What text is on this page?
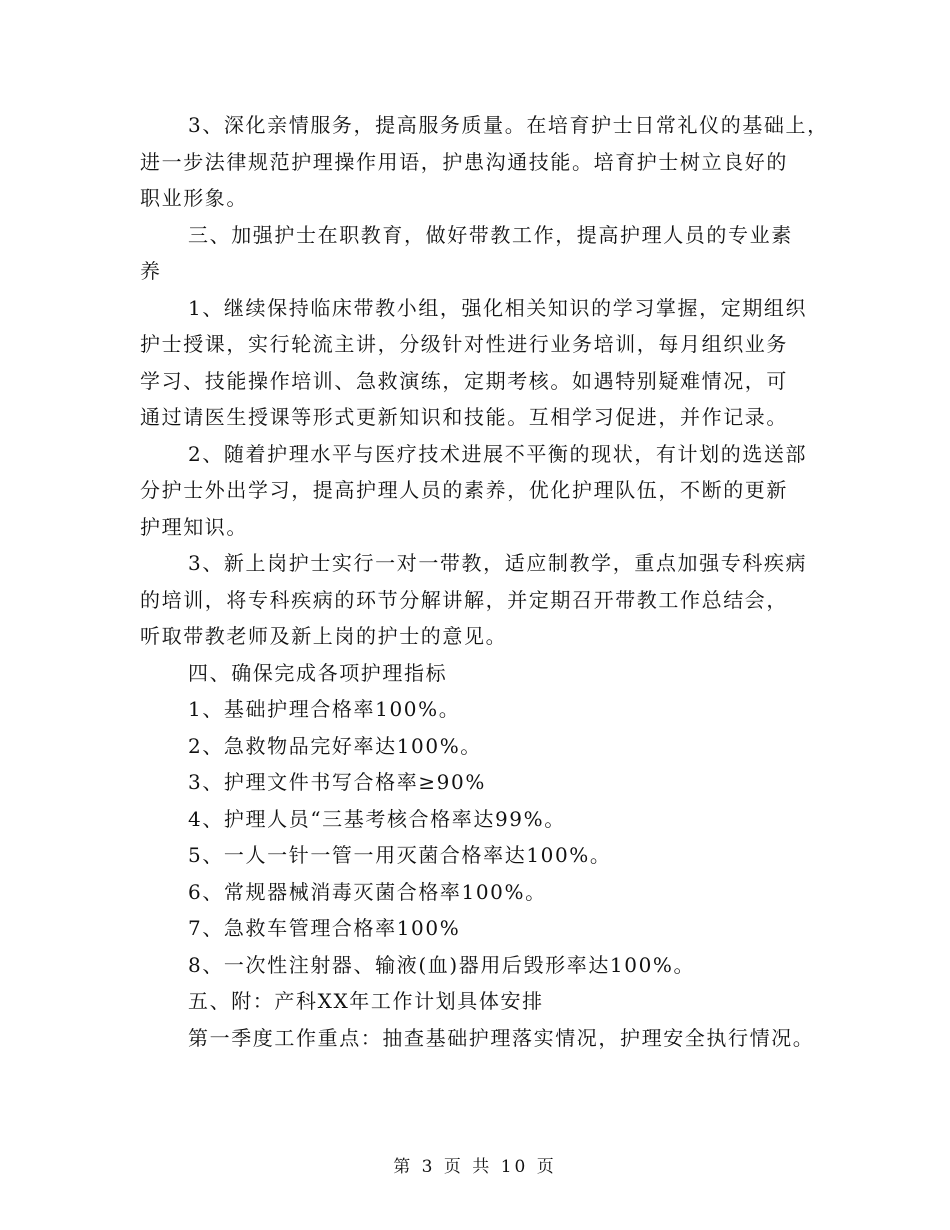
3、深化亲情服务，提高服务质量。在培育护士日常礼仪的基础上，
进一步法律规范护理操作用语，护患沟通技能。培育护士树立良好的
职业形象。
三、加强护士在职教育，做好带教工作，提高护理人员的专业素
养
1、继续保持临床带教小组，强化相关知识的学习掌握，定期组织
护士授课，实行轮流主讲，分级针对性进行业务培训，每月组织业务
学习、技能操作培训、急救演练，定期考核。如遇特别疑难情况，可
通过请医生授课等形式更新知识和技能。互相学习促进，并作记录。
2、随着护理水平与医疗技术进展不平衡的现状，有计划的选送部
分护士外出学习，提高护理人员的素养，优化护理队伍，不断的更新
护理知识。
3、新上岗护士实行一对一带教，适应制教学，重点加强专科疾病
的培训，将专科疾病的环节分解讲解，并定期召开带教工作总结会，
听取带教老师及新上岗的护士的意见。
四、确保完成各项护理指标
1、基础护理合格率100%。
2、急救物品完好率达100%。
3、护理文件书写合格率≥90%
4、护理人员“三基考核合格率达99%。
5、一人一针一管一用灭菌合格率达100%。
6、常规器械消毒灭菌合格率100%。
7、急救车管理合格率100%
8、一次性注射器、输液(血)器用后毁形率达100%。
五、附：产科XX年工作计划具体安排
第一季度工作重点：抽查基础护理落实情况，护理安全执行情况。
第 3 页 共 10 页
